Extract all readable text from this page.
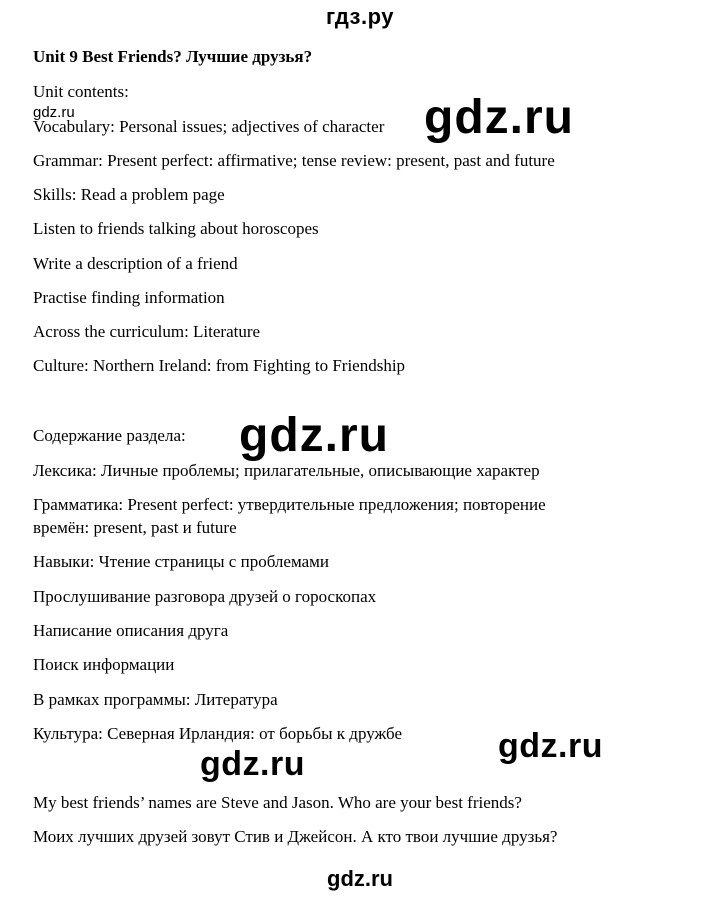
гдз.ру
Unit 9 Best Friends? Лучшие друзья?
Unit contents:
gdz.ru
Vocabulary: Personal issues; adjectives of character
Grammar: Present perfect: affirmative; tense review: present, past and future
Skills: Read a problem page
Listen to friends talking about horoscopes
Write a description of a friend
Practise finding information
Across the curriculum: Literature
Culture: Northern Ireland: from Fighting to Friendship
gdz.ru
Содержание раздела:
Лексика: Личные проблемы; прилагательные, описывающие характер
Грамматика: Present perfect: утвердительные предложения; повторение
времён: present, past и future
Навыки: Чтение страницы с проблемами
Прослушивание разговора друзей о гороскопах
Написание описания друга
Поиск информации
В рамках программы: Литература
Культура: Северная Ирландия: от борьбы к дружбе
gdz.ru
gdz.ru
gdz.ru
My best friends’ names are Steve and Jason. Who are your best friends?
Моих лучших друзей зовут Стив и Джейсон. А кто твои лучшие друзья?
gdz.ru
